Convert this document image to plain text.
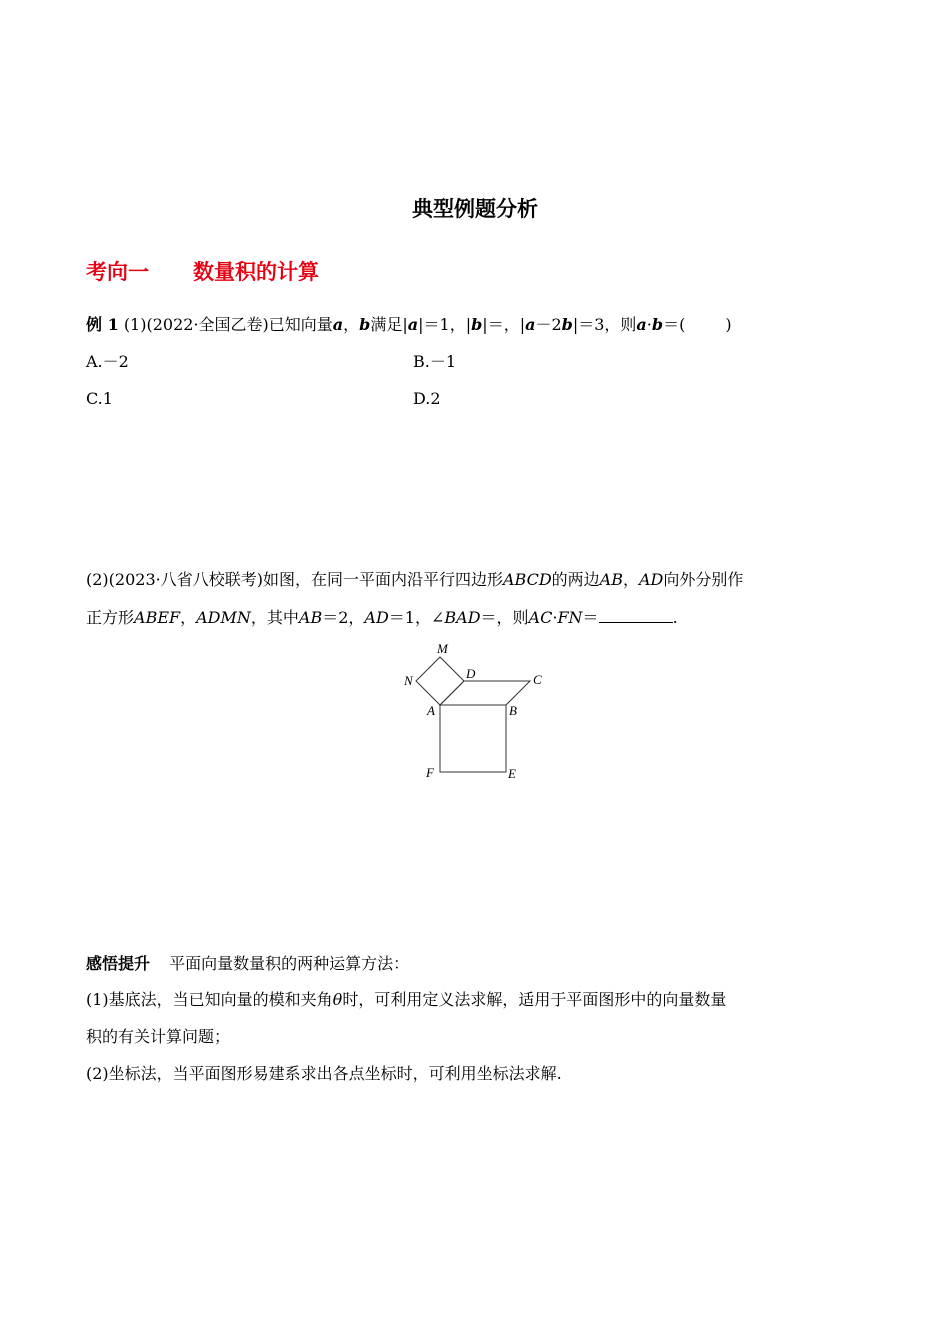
典型例题分析
考向一 数量积的计算
例 1 (1)(2022·全国乙卷)已知向量a，b满足|a|＝1，|b|＝，|a－2b|＝3，则a·b＝(	)
A.－2	B.－1
C.1	D.2
(2)(2023·八省八校联考)如图，在同一平面内沿平行四边形ABCD的两边AB，AD向外分别作
正方形ABEF，ADMN，其中AB＝2，AD＝1，∠BAD＝，则AC·FN＝	.
M
N	D	C
A	B
F	E
感悟提升 平面向量数量积的两种运算方法：
(1)基底法，当已知向量的模和夹角θ时，可利用定义法求解，适用于平面图形中的向量数量
积的有关计算问题；
(2)坐标法，当平面图形易建系求出各点坐标时，可利用坐标法求解.
